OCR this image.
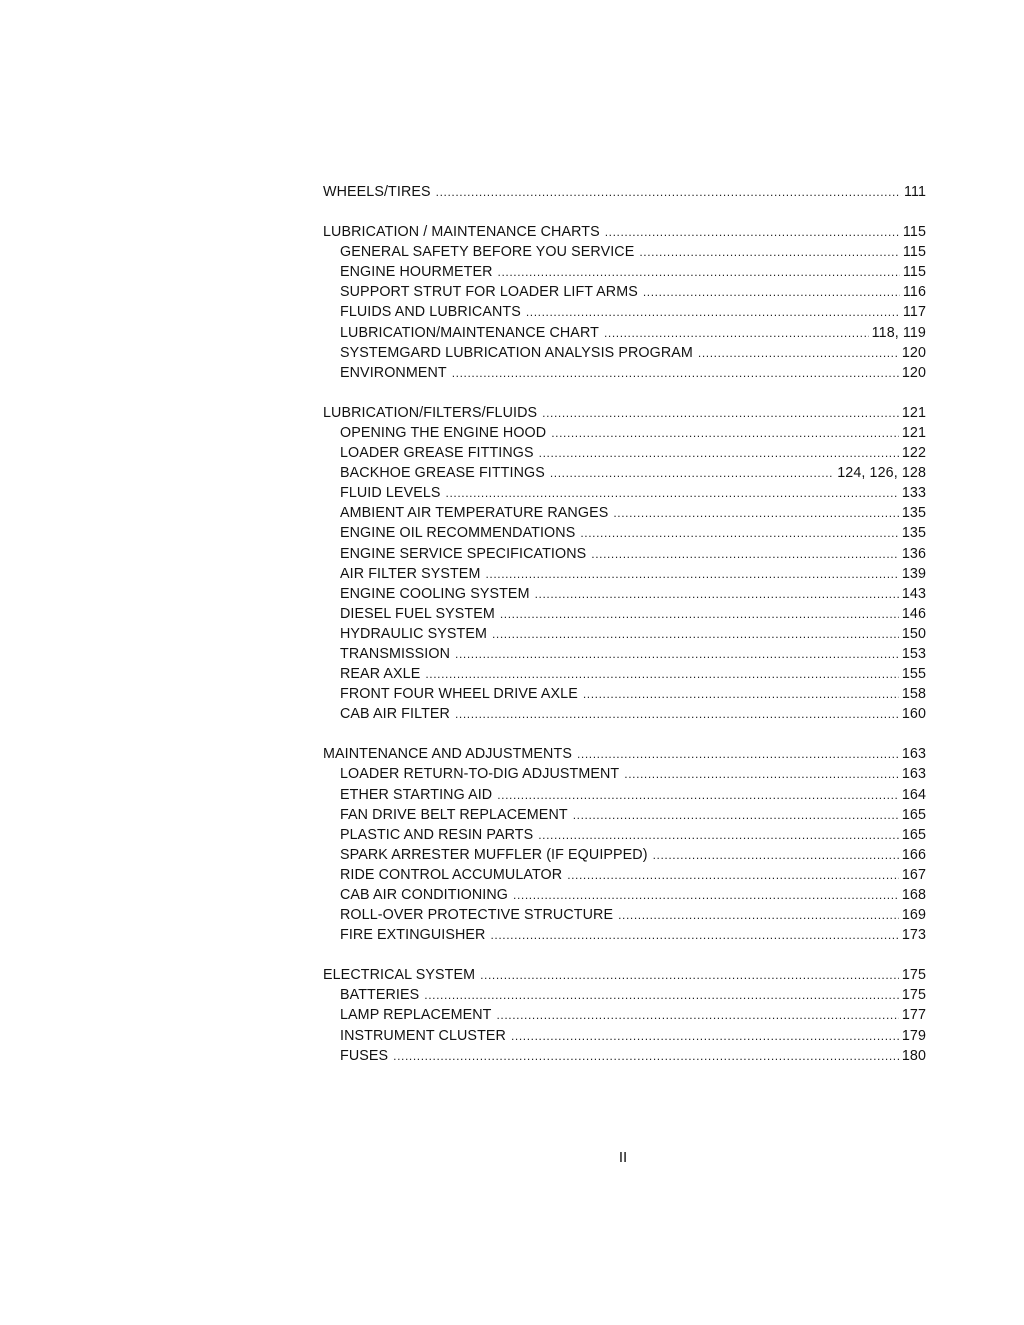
WHEELS/TIRES .....	111
LUBRICATION / MAINTENANCE CHARTS .....	115
GENERAL SAFETY BEFORE YOU SERVICE .....	115
ENGINE HOURMETER .....	115
SUPPORT STRUT FOR LOADER LIFT ARMS .....	116
FLUIDS AND LUBRICANTS .....	117
LUBRICATION/MAINTENANCE CHART .....	118, 119
SYSTEMGARD LUBRICATION ANALYSIS PROGRAM .....	120
ENVIRONMENT .....	120
LUBRICATION/FILTERS/FLUIDS .....	121
OPENING THE ENGINE HOOD .....	121
LOADER GREASE FITTINGS .....	122
BACKHOE GREASE FITTINGS .....	124, 126, 128
FLUID LEVELS .....	133
AMBIENT AIR TEMPERATURE RANGES .....	135
ENGINE OIL RECOMMENDATIONS .....	135
ENGINE SERVICE SPECIFICATIONS .....	136
AIR FILTER SYSTEM .....	139
ENGINE COOLING SYSTEM .....	143
DIESEL FUEL SYSTEM .....	146
HYDRAULIC SYSTEM .....	150
TRANSMISSION .....	153
REAR AXLE .....	155
FRONT FOUR WHEEL DRIVE AXLE .....	158
CAB AIR FILTER .....	160
MAINTENANCE AND ADJUSTMENTS .....	163
LOADER RETURN-TO-DIG ADJUSTMENT .....	163
ETHER STARTING AID .....	164
FAN DRIVE BELT REPLACEMENT .....	165
PLASTIC AND RESIN PARTS .....	165
SPARK ARRESTER MUFFLER (IF EQUIPPED) .....	166
RIDE CONTROL ACCUMULATOR .....	167
CAB AIR CONDITIONING .....	168
ROLL-OVER PROTECTIVE STRUCTURE .....	169
FIRE EXTINGUISHER .....	173
ELECTRICAL SYSTEM .....	175
BATTERIES .....	175
LAMP REPLACEMENT .....	177
INSTRUMENT CLUSTER .....	179
FUSES .....	180
II
